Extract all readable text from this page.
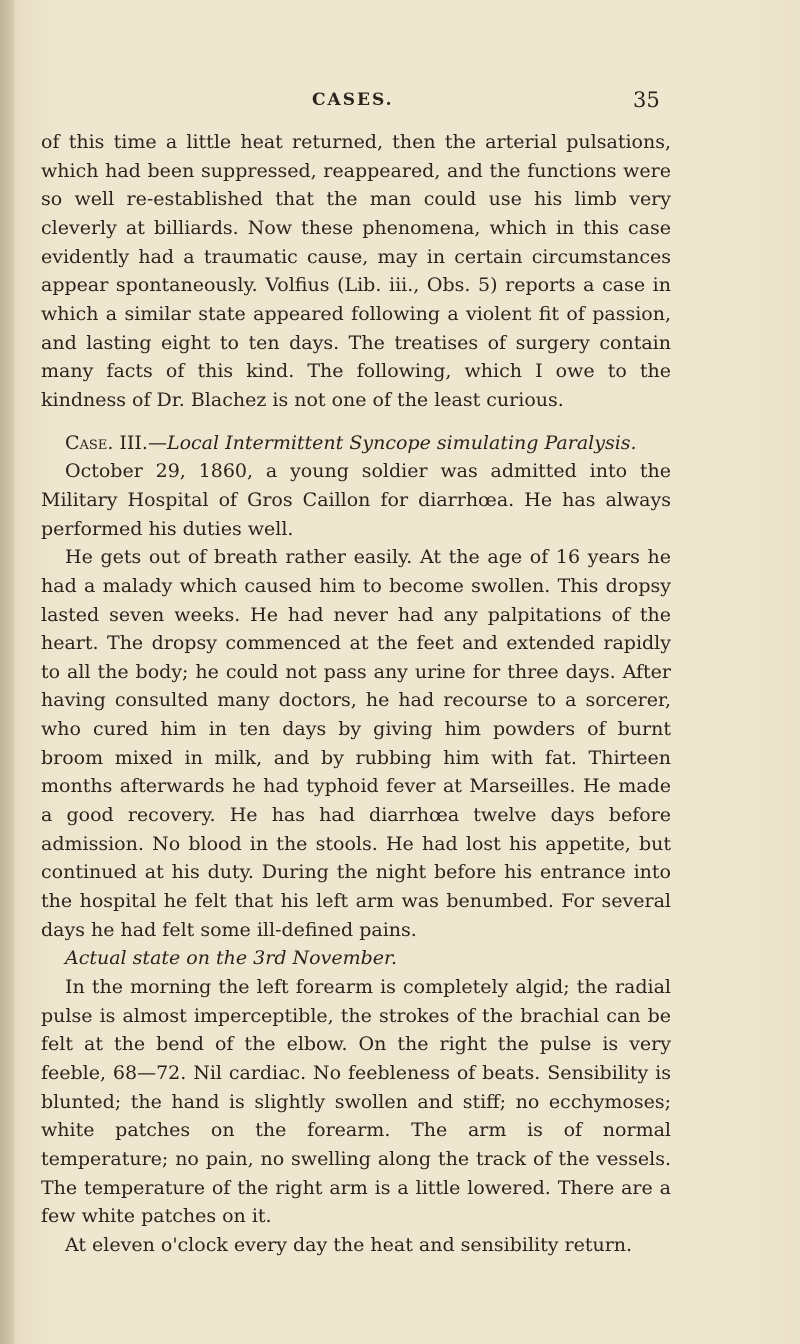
CASES.	35

of this time a little heat returned, then the arterial pulsations, which had been suppressed, reappeared, and the functions were so well re-established that the man could use his limb very cleverly at billiards. Now these phenomena, which in this case evidently had a traumatic cause, may in certain circumstances appear spontaneously. Volfius (Lib. iii., Obs. 5) reports a case in which a similar state appeared following a violent fit of passion, and lasting eight to ten days. The treatises of surgery contain many facts of this kind. The following, which I owe to the kindness of Dr. Blachez is not one of the least curious.

Case. III.—Local Intermittent Syncope simulating Paralysis.

October 29, 1860, a young soldier was admitted into the Military Hospital of Gros Caillon for diarrhœa. He has always performed his duties well.

He gets out of breath rather easily. At the age of 16 years he had a malady which caused him to become swollen. This dropsy lasted seven weeks. He had never had any palpitations of the heart. The dropsy commenced at the feet and extended rapidly to all the body; he could not pass any urine for three days. After having consulted many doctors, he had recourse to a sorcerer, who cured him in ten days by giving him powders of burnt broom mixed in milk, and by rubbing him with fat. Thirteen months afterwards he had typhoid fever at Marseilles. He made a good recovery. He has had diarrhœa twelve days before admission. No blood in the stools. He had lost his appetite, but continued at his duty. During the night before his entrance into the hospital he felt that his left arm was benumbed. For several days he had felt some ill-defined pains.

Actual state on the 3rd November.

In the morning the left forearm is completely algid; the radial pulse is almost imperceptible, the strokes of the brachial can be felt at the bend of the elbow. On the right the pulse is very feeble, 68—72. Nil cardiac. No feebleness of beats. Sensibility is blunted; the hand is slightly swollen and stiff; no ecchymoses; white patches on the forearm. The arm is of normal temperature; no pain, no swelling along the track of the vessels. The temperature of the right arm is a little lowered. There are a few white patches on it.

At eleven o'clock every day the heat and sensibility return.
